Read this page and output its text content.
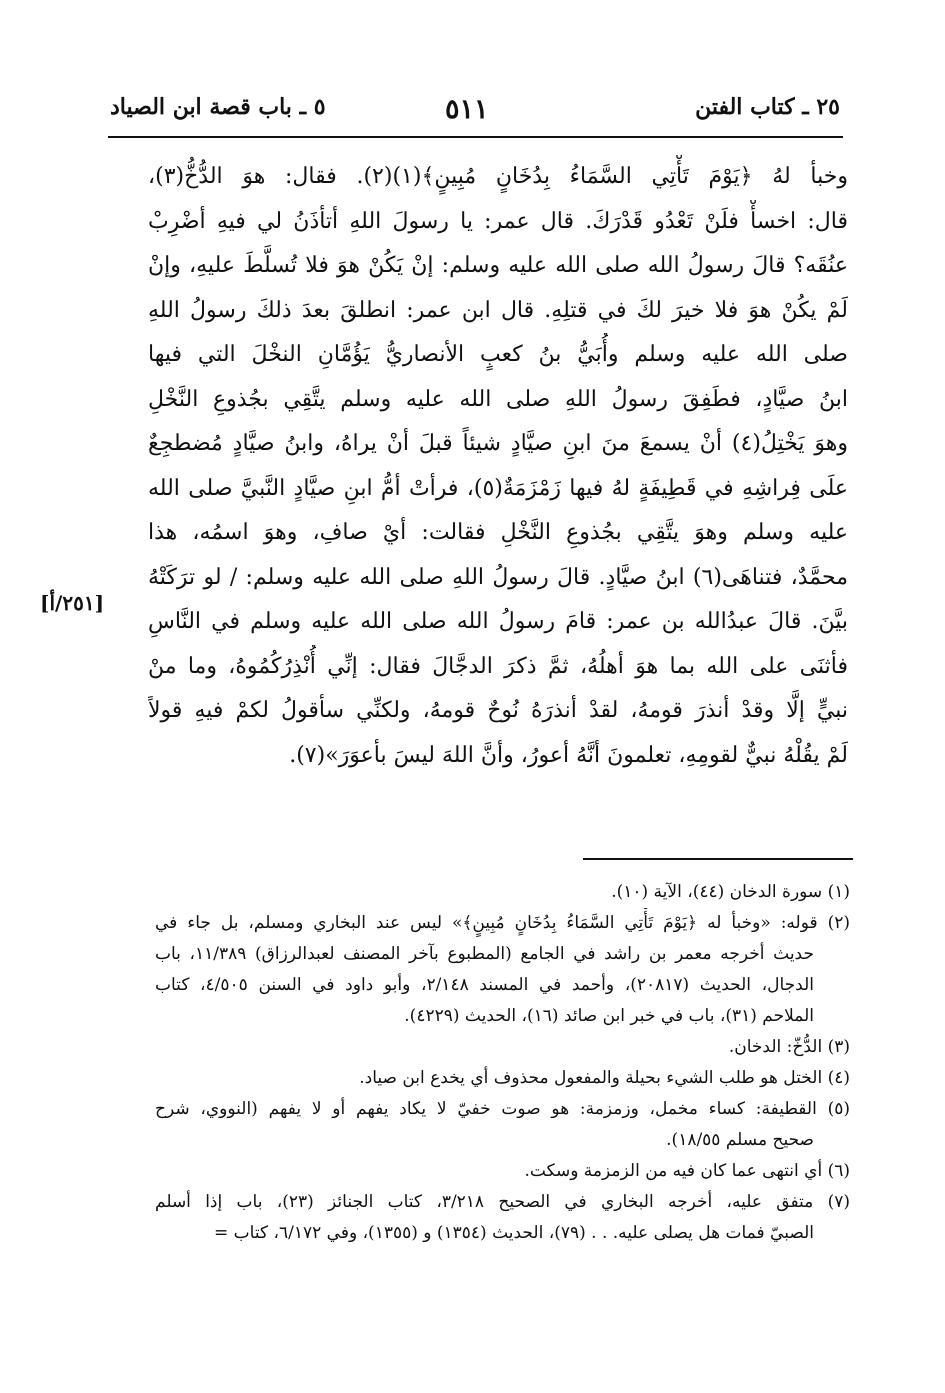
٢٥ ـ كتاب الفتن
٥١١
٥ ـ باب قصة ابن الصياد
وخبأ لهُ ﴿يَوْمَ تَأْتِي السَّمَاءُ بِدُخَانٍ مُبِينٍ﴾(١)(٢). فقال: هوَ الدُّخُّ(٣)،
قال: اخسأْ فلَنْ تَعْدُو قَدْرَكَ. قال عمر: يا رسولَ اللهِ أتأذَنُ لي فيهِ أضْرِبْ
عنُقَه؟ قالَ رسولُ الله صلى الله عليه وسلم: إنْ يَكُنْ هوَ فلا تُسلَّطَ عليهِ، وإنْ
لَمْ يكُنْ هوَ فلا خيرَ لكَ في قتلِهِ. قال ابن عمر: انطلقَ بعدَ ذلكَ رسولُ اللهِ
صلى الله عليه وسلم وأُبَيُّ بنُ كعبٍ الأنصاريُّ يَؤُمَّانِ النخْلَ التي فيها
ابنُ صيَّادٍ، فطَفِقَ رسولُ اللهِ صلى الله عليه وسلم يتَّقِي بجُذوعِ النَّخْلِ
وهوَ يَخْتِلُ(٤) أنْ يسمعَ منَ ابنِ صيَّادٍ شيئاً قبلَ أنْ يراهُ، وابنُ صيَّادٍ مُضطجِعٌ
علَى فِراشِهِ في قَطِيفَةٍ لهُ فيها زَمْزَمَةٌ(٥)، فرأتْ أمُّ ابنِ صيَّادٍ النَّبيَّ صلى الله
عليه وسلم وهوَ يتَّقِي بجُذوعِ النَّخْلِ فقالت: أيْ صافِ، وهوَ اسمُه، هذا
محمَّدٌ، فتناهَى(٦) ابنُ صيَّادٍ. قالَ رسولُ اللهِ صلى الله عليه وسلم: / لو ترَكَتْهُ
بيَّنَ. قالَ عبدُالله بن عمر: قامَ رسولُ الله صلى الله عليه وسلم في النَّاسِ
فأثنَى على الله بما هوَ أهلُهُ، ثمَّ ذكرَ الدجَّالَ فقال: إنِّي أُنْذِرُكُمُوهُ، وما منْ
نبيٍّ إلَّا وقدْ أنذرَ قومهُ، لقدْ أنذرَهُ نُوحٌ قومهُ، ولكنِّي سأقولُ لكمْ فيهِ قولاً
لَمْ يقُلْهُ نبيٌّ لقومِهِ، تعلمونَ أنَّهُ أعورُ، وأنَّ اللهَ ليسَ بأعوَرَ»(٧).
[٢٥١/أ]
(١) سورة الدخان (٤٤)، الآية (١٠).
(٢) قوله: «وخبأ له ﴿يَوْمَ تَأْتِي السَّمَاءُ بِدُخَانٍ مُبِينٍ﴾» ليس عند البخاري ومسلم، بل جاء في
حديث أخرجه معمر بن راشد في الجامع (المطبوع بآخر المصنف لعبدالرزاق) ١١/٣٨٩، باب
الدجال، الحديث (٢٠٨١٧)، وأحمد في المسند ٢/١٤٨، وأبو داود في السنن ٤/٥٠٥، كتاب
الملاحم (٣١)، باب في خبر ابن صائد (١٦)، الحديث (٤٢٢٩).
(٣) الدُّخّ: الدخان.
(٤) الختل هو طلب الشيء بحيلة والمفعول محذوف أي يخدع ابن صياد.
(٥) القطيفة: كساء مخمل، وزمزمة: هو صوت خفيّ لا يكاد يفهم أو لا يفهم (النووي، شرح
صحيح مسلم ١٨/٥٥).
(٦) أي انتهى عما كان فيه من الزمزمة وسكت.
(٧) متفق عليه، أخرجه البخاري في الصحيح ٣/٢١٨، كتاب الجنائز (٢٣)، باب إذا أسلم
الصبيّ فمات هل يصلى عليه. . . (٧٩)، الحديث (١٣٥٤) و (١٣٥٥)، وفي ٦/١٧٢، كتاب =
